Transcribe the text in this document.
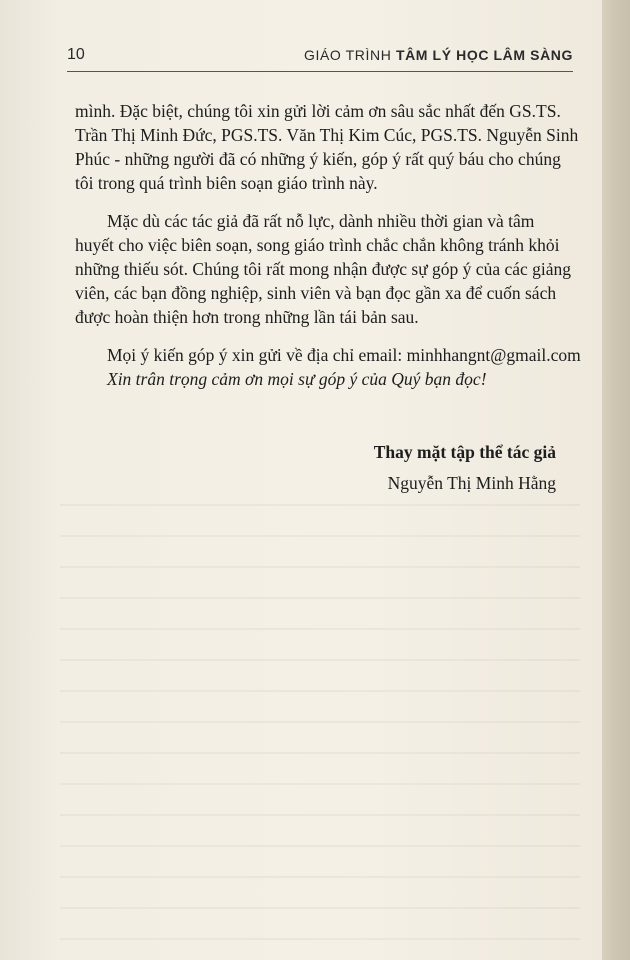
10	GIÁO TRÌNH TÂM LÝ HỌC LÂM SÀNG
mình. Đặc biệt, chúng tôi xin gửi lời cảm ơn sâu sắc nhất đến GS.TS.
Trần Thị Minh Đức, PGS.TS. Văn Thị Kim Cúc, PGS.TS. Nguyễn Sinh
Phúc - những người đã có những ý kiến, góp ý rất quý báu cho chúng
tôi trong quá trình biên soạn giáo trình này.
Mặc dù các tác giả đã rất nỗ lực, dành nhiều thời gian và tâm
huyết cho việc biên soạn, song giáo trình chắc chắn không tránh khỏi
những thiếu sót. Chúng tôi rất mong nhận được sự góp ý của các giảng
viên, các bạn đồng nghiệp, sinh viên và bạn đọc gần xa để cuốn sách
được hoàn thiện hơn trong những lần tái bản sau.
Mọi ý kiến góp ý xin gửi về địa chỉ email: minhhangnt@gmail.com
Xin trân trọng cảm ơn mọi sự góp ý của Quý bạn đọc!
Thay mặt tập thể tác giả
Nguyễn Thị Minh Hằng
